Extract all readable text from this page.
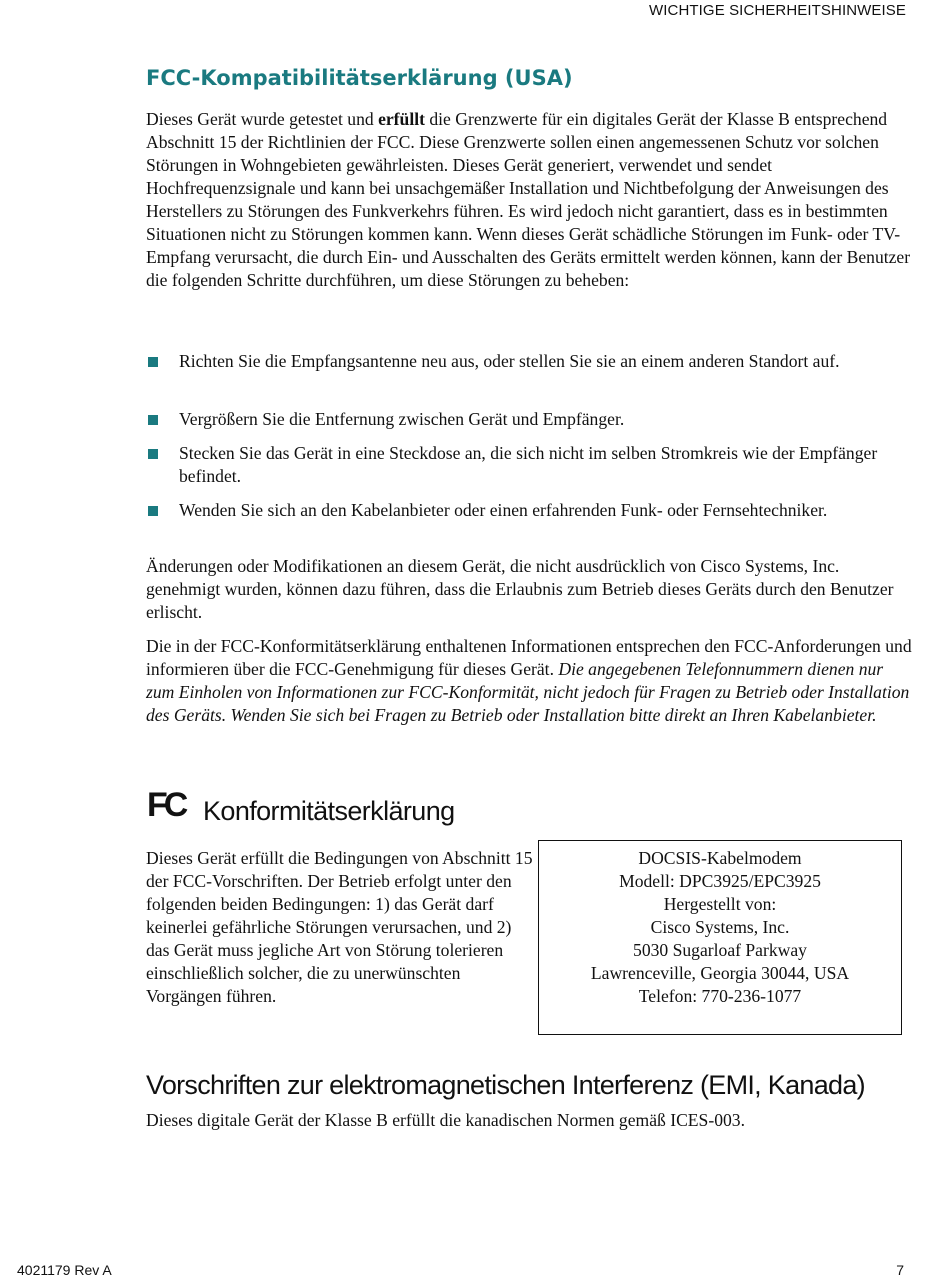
WICHTIGE SICHERHEITSHINWEISE
FCC-Kompatibilitätserklärung (USA)

Dieses Gerät wurde getestet und erfüllt die Grenzwerte für ein digitales Gerät der Klasse B entsprechend Abschnitt 15 der Richtlinien der FCC. Diese Grenzwerte sollen einen angemessenen Schutz vor solchen Störungen in Wohngebieten gewährleisten. Dieses Gerät generiert, verwendet und sendet Hochfrequenzsignale und kann bei unsachgemäßer Installation und Nichtbefolgung der Anweisungen des Herstellers zu Störungen des Funkverkehrs führen. Es wird jedoch nicht garantiert, dass es in bestimmten Situationen nicht zu Störungen kommen kann. Wenn dieses Gerät schädliche Störungen im Funk- oder TV-Empfang verursacht, die durch Ein- und Ausschalten des Geräts ermittelt werden können, kann der Benutzer die folgenden Schritte durchführen, um diese Störungen zu beheben:

Richten Sie die Empfangsantenne neu aus, oder stellen Sie sie an einem anderen Standort auf.
Vergrößern Sie die Entfernung zwischen Gerät und Empfänger.
Stecken Sie das Gerät in eine Steckdose an, die sich nicht im selben Stromkreis wie der Empfänger befindet.
Wenden Sie sich an den Kabelanbieter oder einen erfahrenden Funk- oder Fernsehtechniker.

Änderungen oder Modifikationen an diesem Gerät, die nicht ausdrücklich von Cisco Systems, Inc. genehmigt wurden, können dazu führen, dass die Erlaubnis zum Betrieb dieses Geräts durch den Benutzer erlischt.

Die in der FCC-Konformitätserklärung enthaltenen Informationen entsprechen den FCC-Anforderungen und informieren über die FCC-Genehmigung für dieses Gerät. Die angegebenen Telefonnummern dienen nur zum Einholen von Informationen zur FCC-Konformität, nicht jedoch für Fragen zu Betrieb oder Installation des Geräts. Wenden Sie sich bei Fragen zu Betrieb oder Installation bitte direkt an Ihren Kabelanbieter.

FC Konformitätserklärung

Dieses Gerät erfüllt die Bedingungen von Abschnitt 15 der FCC-Vorschriften. Der Betrieb erfolgt unter den folgenden beiden Bedingungen: 1) das Gerät darf keinerlei gefährliche Störungen verursachen, und 2) das Gerät muss jegliche Art von Störung tolerieren einschließlich solcher, die zu unerwünschten Vorgängen führen.

DOCSIS-Kabelmodem
Modell: DPC3925/EPC3925
Hergestellt von:
Cisco Systems, Inc.
5030 Sugarloaf Parkway
Lawrenceville, Georgia 30044, USA
Telefon: 770-236-1077
Vorschriften zur elektromagnetischen Interferenz (EMI, Kanada)

Dieses digitale Gerät der Klasse B erfüllt die kanadischen Normen gemäß ICES-003.

4021179 Rev A	7
